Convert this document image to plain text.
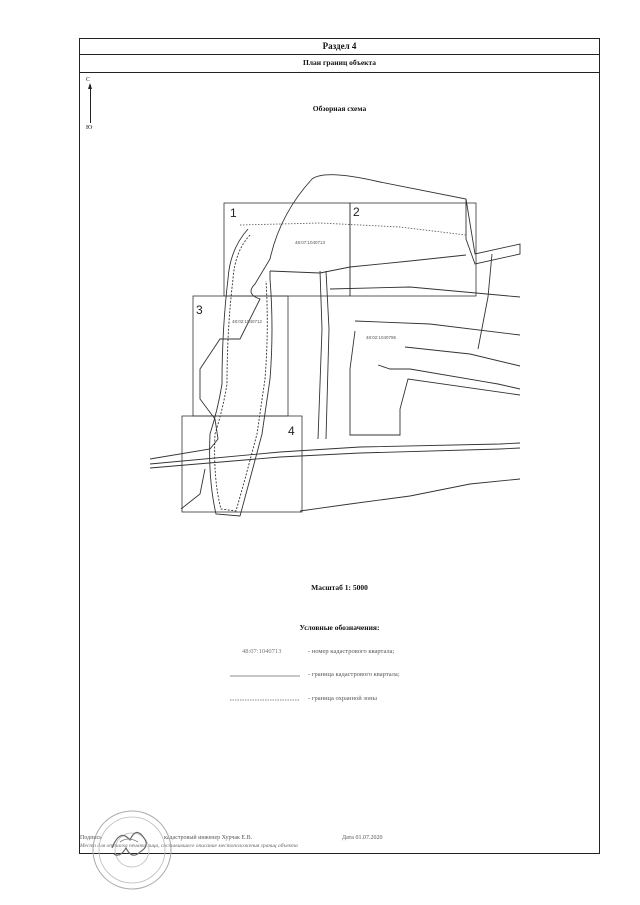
Раздел 4
План границ объекта
С
Ю
Обзорная схема
1	2
3
4
48:07:1040713
48:02:1040712
48:02:1040796
Масштаб 1: 5000
Условные обозначения:
48:07:1040713	- номер кадастрового квартала;
- граница кадастрового квартала;
- граница охранной зоны
Подпись	кадастровый инженер Хурчак Е.В.	Дата 01.07.2020
Место для оттиска печати лица, составившего описание местоположения границ объекта
